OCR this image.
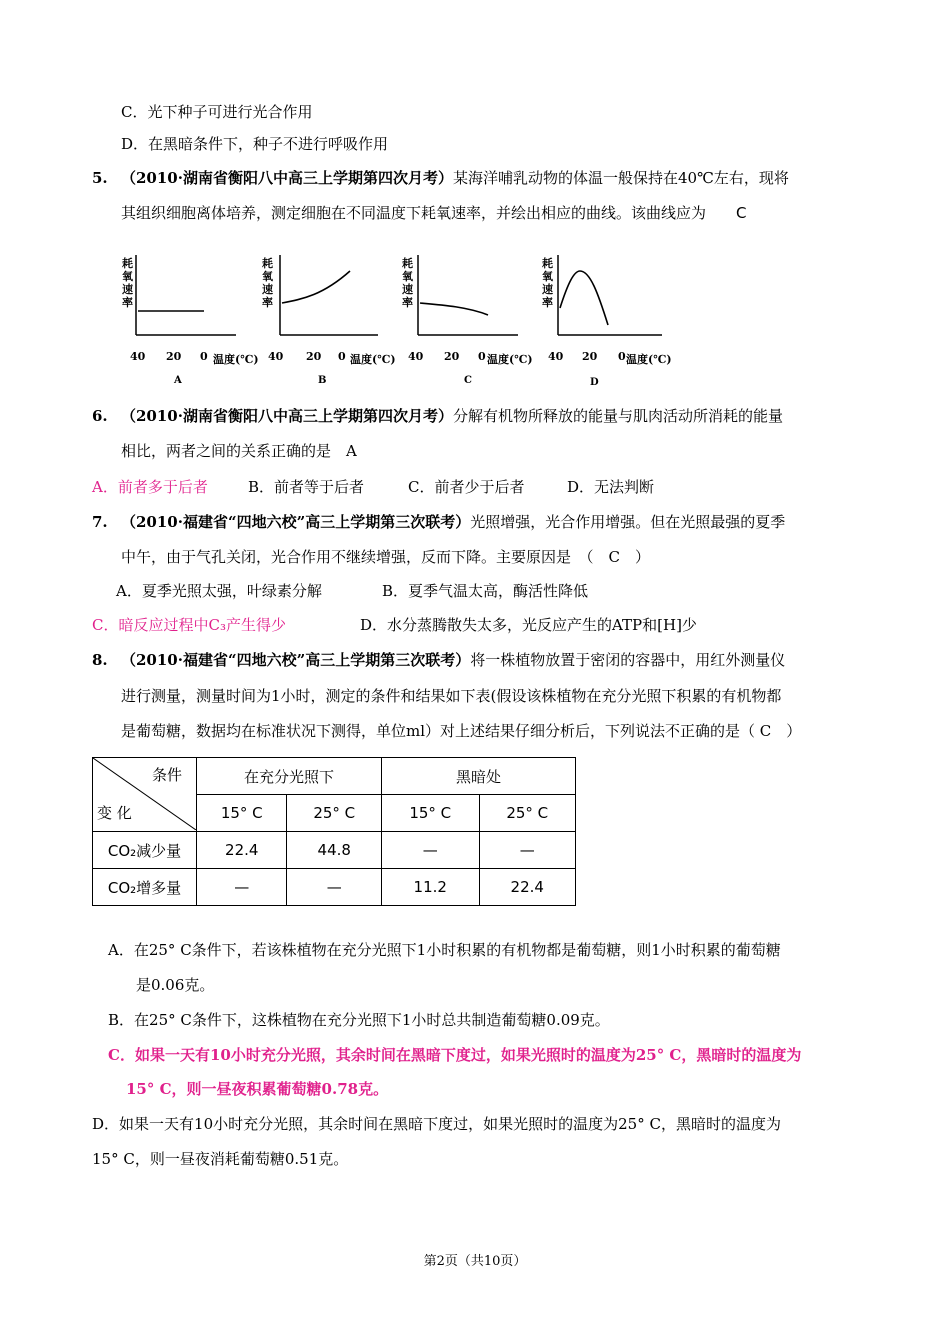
C．光下种子可进行光合作用
D．在黑暗条件下，种子不进行呼吸作用
5. （2010·湖南省衡阳八中高三上学期第四次月考）某海洋哺乳动物的体温一般保持在40℃左右，现将
其组织细胞离体培养，测定细胞在不同温度下耗氧速率，并绘出相应的曲线。该曲线应为 C
耗
氧
速
率
40 20 0
A
耗
氧
速
率
40 20 0
B
耗
氧
速
率
40 20 0
C
耗
氧
速
率
40 20 0
D
温度(℃)	温度(℃)	温度(℃)	温度(℃)
6. （2010·湖南省衡阳八中高三上学期第四次月考）分解有机物所释放的能量与肌肉活动所消耗的能量
相比，两者之间的关系正确的是　A
A．前者多于后者	B．前者等于后者	C．前者少于后者	D．无法判断
7. （2010·福建省“四地六校”高三上学期第三次联考）光照增强，光合作用增强。但在光照最强的夏季
中午，由于气孔关闭，光合作用不继续增强，反而下降。主要原因是　（　C　）
A．夏季光照太强，叶绿素分解	B．夏季气温太高，酶活性降低
C．暗反应过程中C₃产生得少	D．水分蒸腾散失太多，光反应产生的ATP和[H]少
8. （2010·福建省“四地六校”高三上学期第三次联考）将一株植物放置于密闭的容器中，用红外测量仪
进行测量，测量时间为1小时，测定的条件和结果如下表(假设该株植物在充分光照下积累的有机物都
是葡萄糖，数据均在标准状况下测得，单位ml）对上述结果仔细分析后，下列说法不正确的是（ C　）
条件
变 化	在充分光照下		黑暗处	
	15° C	25° C	15° C	25° C
CO₂减少量	22.4	44.8	—	—
CO₂增多量	—	—	11.2	22.4
A．在25° C条件下，若该株植物在充分光照下1小时积累的有机物都是葡萄糖，则1小时积累的葡萄糖
是0.06克。
B．在25° C条件下，这株植物在充分光照下1小时总共制造葡萄糖0.09克。
C．如果一天有10小时充分光照，其余时间在黑暗下度过，如果光照时的温度为25° C，黑暗时的温度为
15° C，则一昼夜积累葡萄糖0.78克。
D．如果一天有10小时充分光照，其余时间在黑暗下度过，如果光照时的温度为25° C，黑暗时的温度为
15° C，则一昼夜消耗葡萄糖0.51克。
第2页（共10页）
